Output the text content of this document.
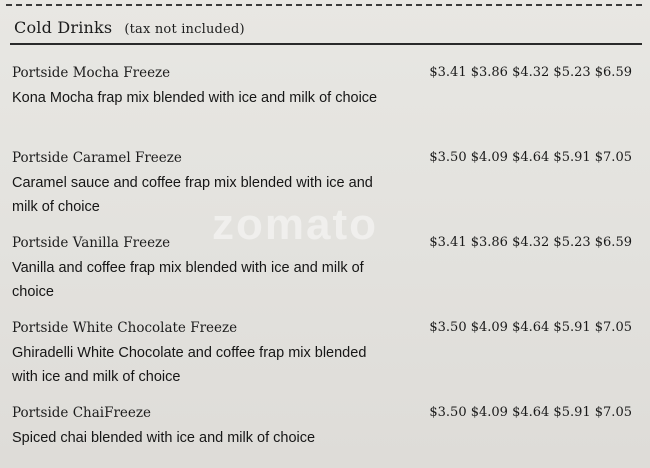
Cold Drinks (tax not included)
zomato
Portside Mocha Freeze
Kona Mocha frap mix blended with ice and milk of choice
$3.41 $3.86 $4.32 $5.23 $6.59
Portside Caramel Freeze
Caramel sauce and coffee frap mix blended with ice and milk of choice
$3.50 $4.09 $4.64 $5.91 $7.05
Portside Vanilla Freeze
Vanilla and coffee frap mix blended with ice and milk of choice
$3.41 $3.86 $4.32 $5.23 $6.59
Portside White Chocolate Freeze
Ghiradelli White Chocolate and coffee frap mix blended with ice and milk of choice
$3.50 $4.09 $4.64 $5.91 $7.05
Portside ChaiFreeze
Spiced chai blended with ice and milk of choice
$3.50 $4.09 $4.64 $5.91 $7.05
